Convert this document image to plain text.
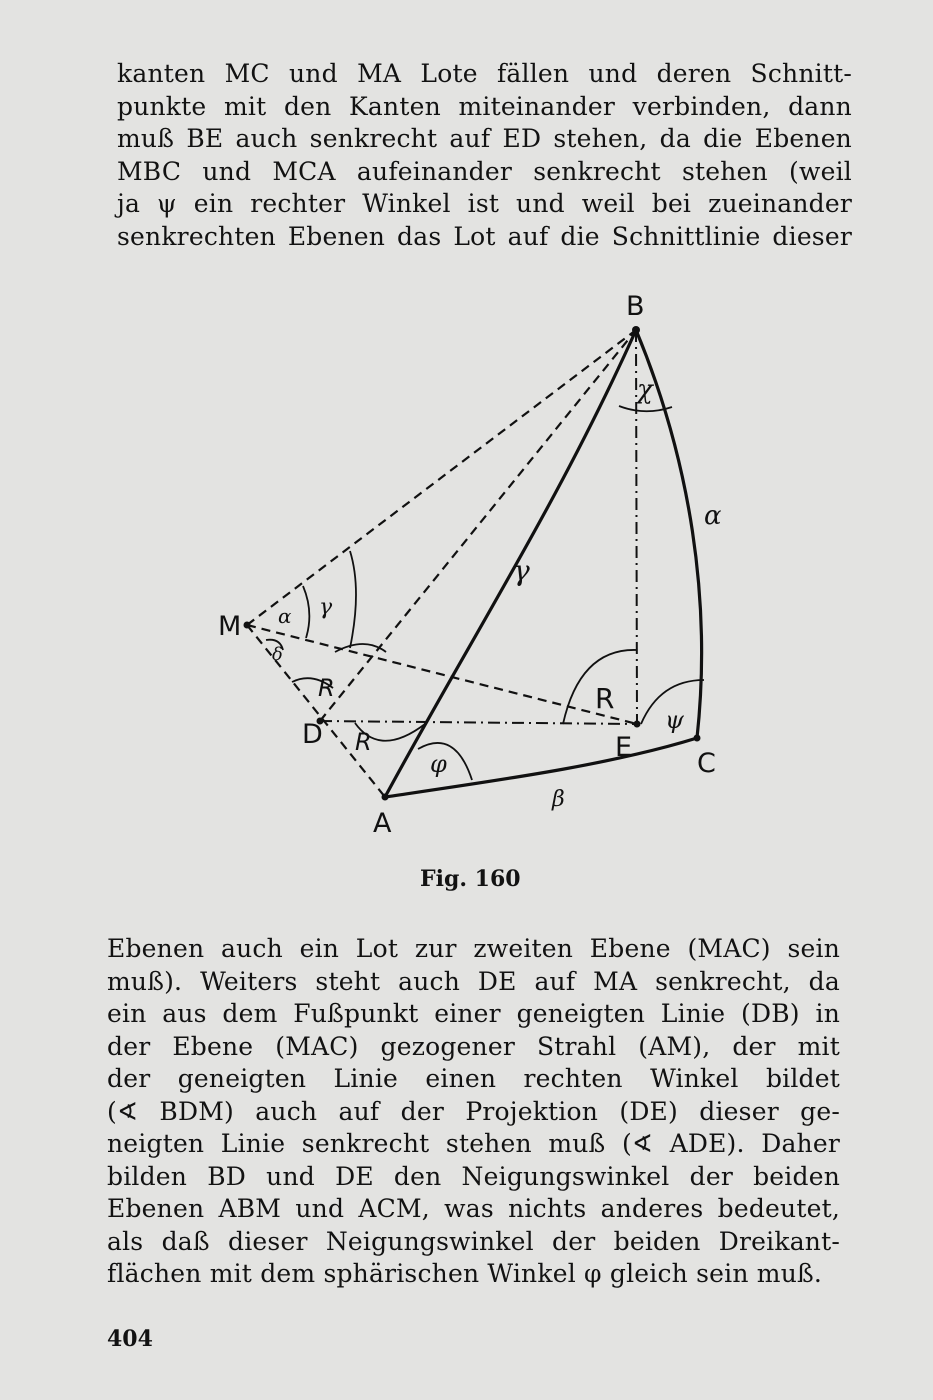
kanten MC und MA Lote fällen und deren Schnitt-
punkte mit den Kanten miteinander verbinden, dann
muß BE auch senkrecht auf ED stehen, da die Ebenen
MBC und MCA aufeinander senkrecht stehen (weil
ja ψ ein rechter Winkel ist und weil bei zueinander
senkrechten Ebenen das Lot auf die Schnittlinie dieser
B
M
D
A
E
C
χ
α
γ
α γ
δ
R
R
R
ψ
φ
β
Fig. 160
Ebenen auch ein Lot zur zweiten Ebene (MAC) sein
muß). Weiters steht auch DE auf MA senkrecht, da
ein aus dem Fußpunkt einer geneigten Linie (DB) in
der Ebene (MAC) gezogener Strahl (AM), der mit
der geneigten Linie einen rechten Winkel bildet
(∢ BDM) auch auf der Projektion (DE) dieser ge-
neigten Linie senkrecht stehen muß (∢ ADE). Daher
bilden BD und DE den Neigungswinkel der beiden
Ebenen ABM und ACM, was nichts anderes bedeutet,
als daß dieser Neigungswinkel der beiden Dreikant-
flächen mit dem sphärischen Winkel φ gleich sein muß.
404
